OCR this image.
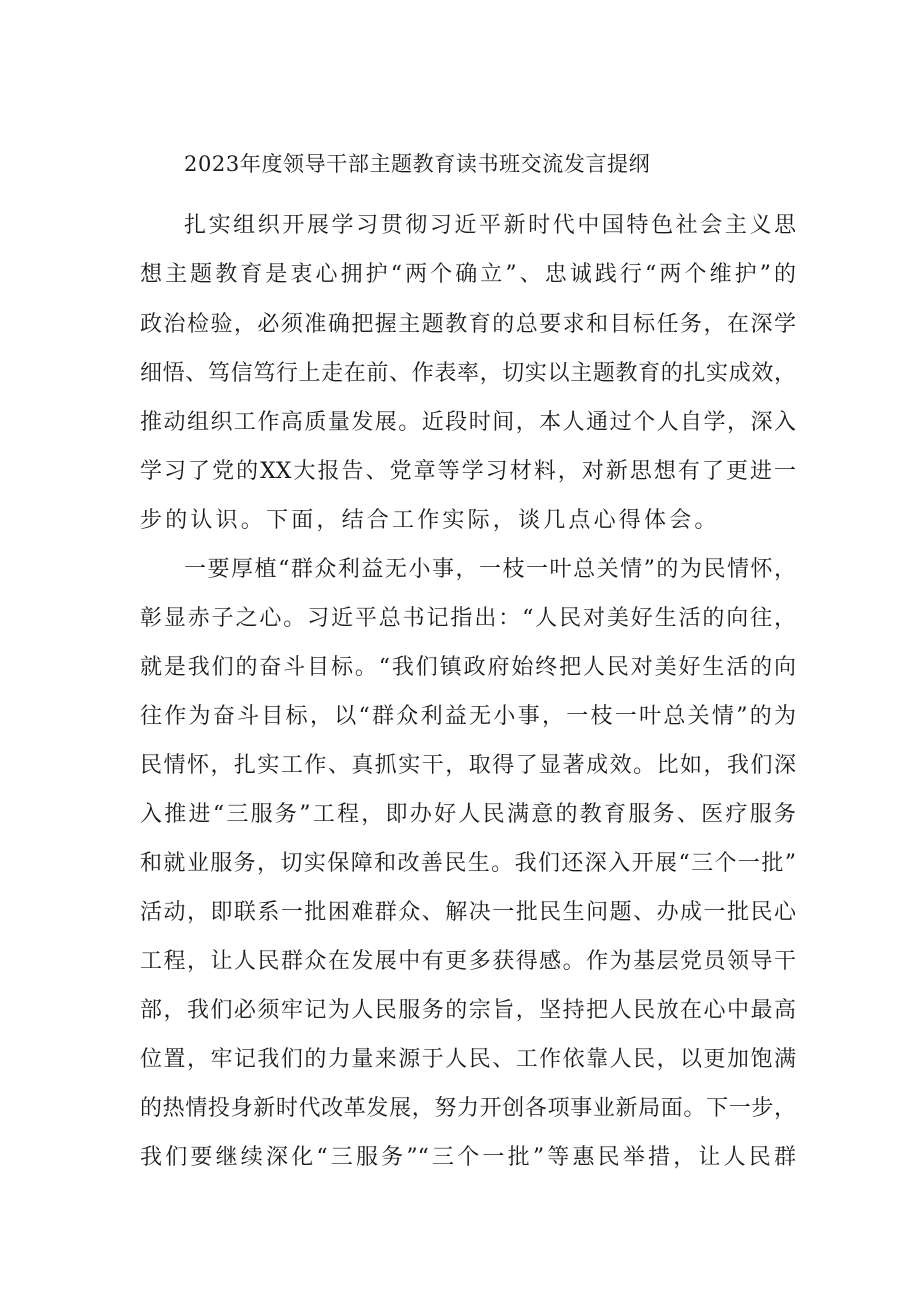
2023年度领导干部主题教育读书班交流发言提纲

扎实组织开展学习贯彻习近平新时代中国特色社会主义思

想主题教育是衷心拥护“两个确立”、忠诚践行“两个维护”的

政治检验，必须准确把握主题教育的总要求和目标任务，在深学

细悟、笃信笃行上走在前、作表率，切实以主题教育的扎实成效，

推动组织工作高质量发展。近段时间，本人通过个人自学，深入

学习了党的XX大报告、党章等学习材料，对新思想有了更进一

步的认识。下面，结合工作实际，谈几点心得体会。

一要厚植“群众利益无小事，一枝一叶总关情”的为民情怀，

彰显赤子之心。习近平总书记指出：“人民对美好生活的向往，

就是我们的奋斗目标。“我们镇政府始终把人民对美好生活的向

往作为奋斗目标，以“群众利益无小事，一枝一叶总关情”的为

民情怀，扎实工作、真抓实干，取得了显著成效。比如，我们深

入推进“三服务”工程，即办好人民满意的教育服务、医疗服务

和就业服务，切实保障和改善民生。我们还深入开展“三个一批”

活动，即联系一批困难群众、解决一批民生问题、办成一批民心

工程，让人民群众在发展中有更多获得感。作为基层党员领导干

部，我们必须牢记为人民服务的宗旨，坚持把人民放在心中最高

位置，牢记我们的力量来源于人民、工作依靠人民，以更加饱满

的热情投身新时代改革发展，努力开创各项事业新局面。下一步，

我们要继续深化“三服务”“三个一批”等惠民举措，让人民群
